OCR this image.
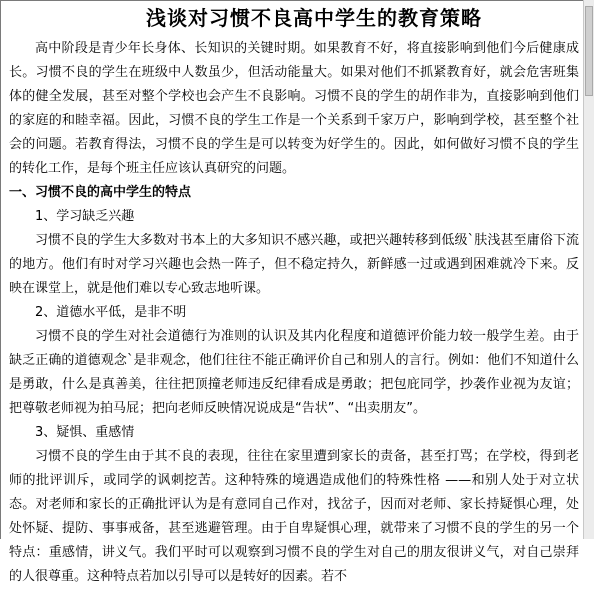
浅谈对习惯不良高中学生的教育策略

高中阶段是青少年长身体、长知识的关键时期。如果教育不好，将直接影响到他们今后健康成长。习惯不良的学生在班级中人数虽少，但活动能量大。如果对他们不抓紧教育好，就会危害班集体的健全发展，甚至对整个学校也会产生不良影响。习惯不良的学生的胡作非为，直接影响到他们的家庭的和睦幸福。因此，习惯不良的学生工作是一个关系到千家万户，影响到学校，甚至整个社会的问题。若教育得法，习惯不良的学生是可以转变为好学生的。因此，如何做好习惯不良的学生的转化工作，是每个班主任应该认真研究的问题。

一、习惯不良的高中学生的特点

1、学习缺乏兴趣

习惯不良的学生大多数对书本上的大多知识不感兴趣，或把兴趣转移到低级`肤浅甚至庸俗下流的地方。他们有时对学习兴趣也会热一阵子，但不稳定持久，新鲜感一过或遇到困难就冷下来。反映在课堂上，就是他们难以专心致志地听课。

2、道德水平低，是非不明

习惯不良的学生对社会道德行为准则的认识及其内化程度和道德评价能力较一般学生差。由于缺乏正确的道德观念`是非观念，他们往往不能正确评价自己和别人的言行。例如：他们不知道什么是勇敢，什么是真善美，往往把顶撞老师违反纪律看成是勇敢；把包庇同学，抄袭作业视为友谊；把尊敬老师视为拍马屁；把向老师反映情况说成是“告状”、“出卖朋友”。

3、疑惧、重感情

习惯不良的学生由于其不良的表现，往往在家里遭到家长的责备，甚至打骂；在学校，得到老师的批评训斥，或同学的讽刺挖苦。这种特殊的境遇造成他们的特殊性格 ——和别人处于对立状态。对老师和家长的正确批评认为是有意同自己作对，找岔子，因而对老师、家长持疑惧心理，处处怀疑、提防、事事戒备，甚至逃避管理。由于自卑疑惧心理，就带来了习惯不良的学生的另一个特点：重感情，讲义气。我们平时可以观察到习惯不良的学生对自己的朋友很讲义气，对自己崇拜的人很尊重。这种特点若加以引导可以是转好的因素。若不
